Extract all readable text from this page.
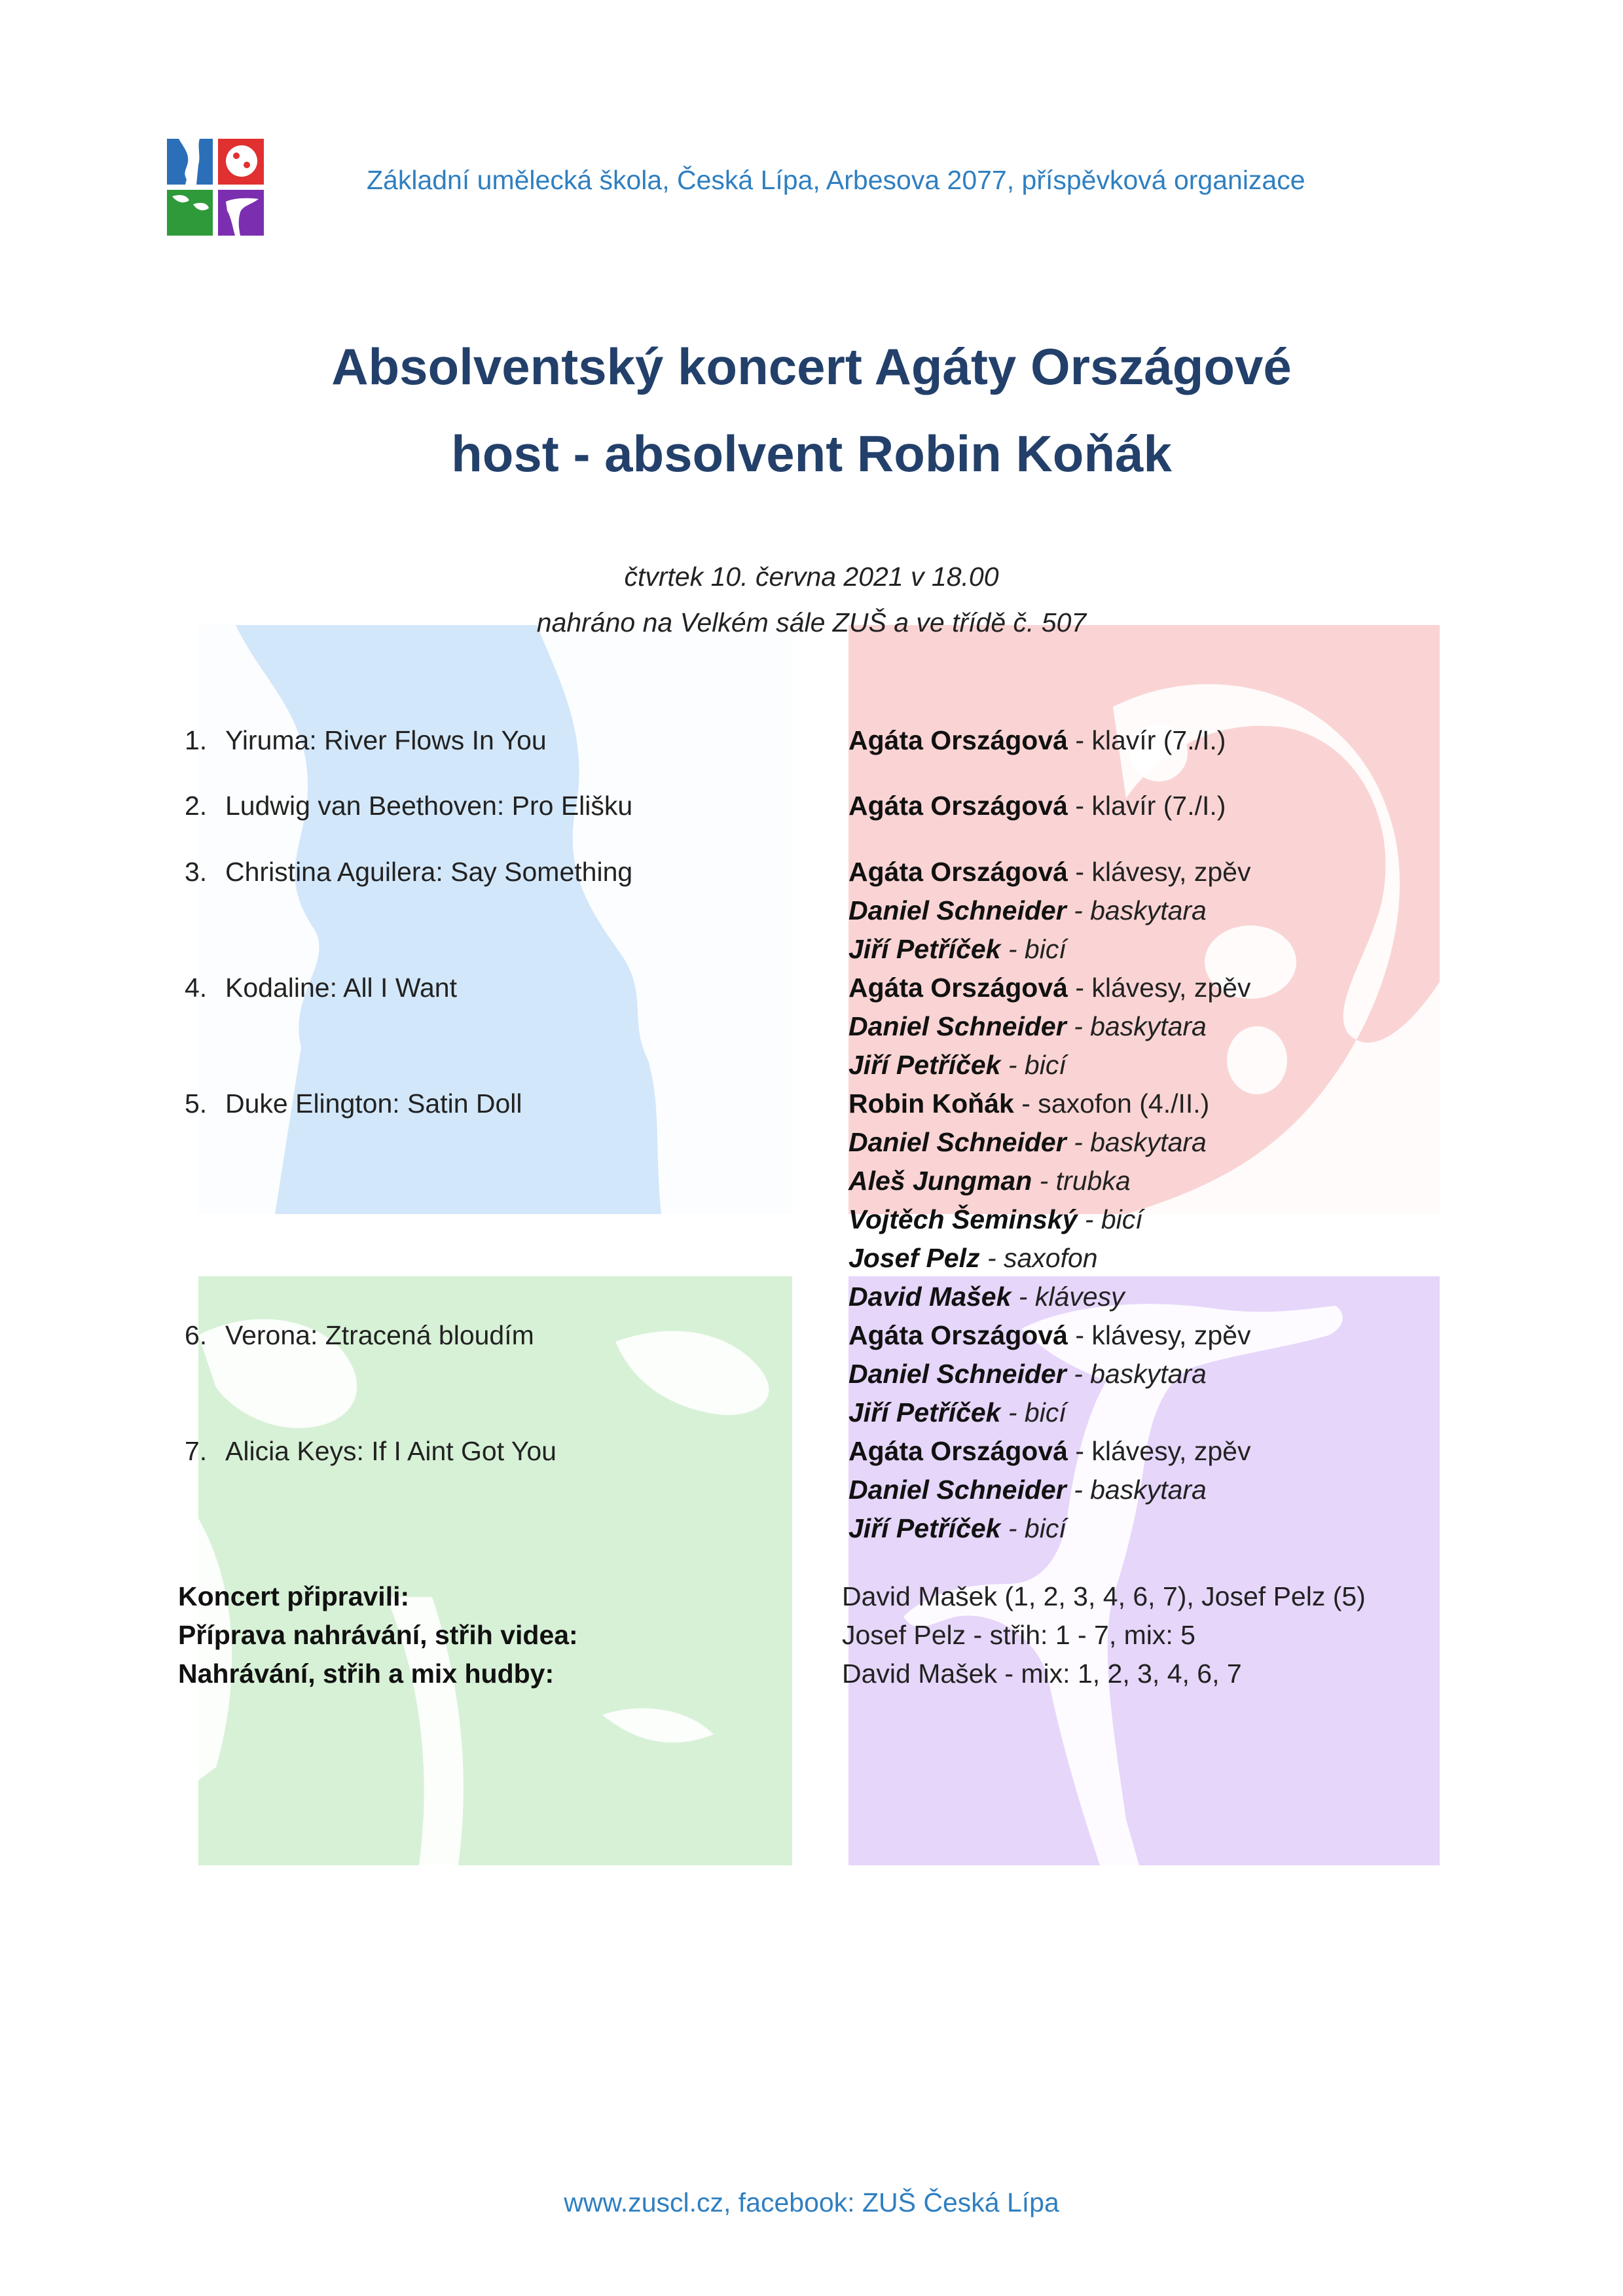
Základní umělecká škola, Česká Lípa, Arbesova 2077, příspěvková organizace
Absolventský koncert Agáty Országové
host - absolvent Robin Koňák
čtvrtek 10. června 2021 v 18.00
nahráno na Velkém sále ZUŠ a ve třídě č. 507
1. Yiruma: River Flows In You	Agáta Országová - klavír (7./I.)
2. Ludwig van Beethoven: Pro Elišku	Agáta Országová - klavír (7./I.)
3. Christina Aguilera: Say Something	Agáta Országová - klávesy, zpěv
Daniel Schneider - baskytara
Jiří Petříček - bicí
4. Kodaline: All I Want	Agáta Országová - klávesy, zpěv
Daniel Schneider - baskytara
Jiří Petříček - bicí
5. Duke Elington: Satin Doll	Robin Koňák - saxofon (4./II.)
Daniel Schneider - baskytara
Aleš Jungman - trubka
Vojtěch Šeminský - bicí
Josef Pelz - saxofon
David Mašek - klávesy
6. Verona: Ztracená bloudím	Agáta Országová - klávesy, zpěv
Daniel Schneider - baskytara
Jiří Petříček - bicí
7. Alicia Keys: If I Aint Got You	Agáta Országová - klávesy, zpěv
Daniel Schneider - baskytara
Jiří Petříček - bicí
Koncert připravili:	David Mašek (1, 2, 3, 4, 6, 7), Josef Pelz (5)
Příprava nahrávání, střih videa:	Josef Pelz - střih: 1 - 7, mix: 5
Nahrávání, střih a mix hudby:	David Mašek - mix: 1, 2, 3, 4, 6, 7
www.zuscl.cz, facebook: ZUŠ Česká Lípa
